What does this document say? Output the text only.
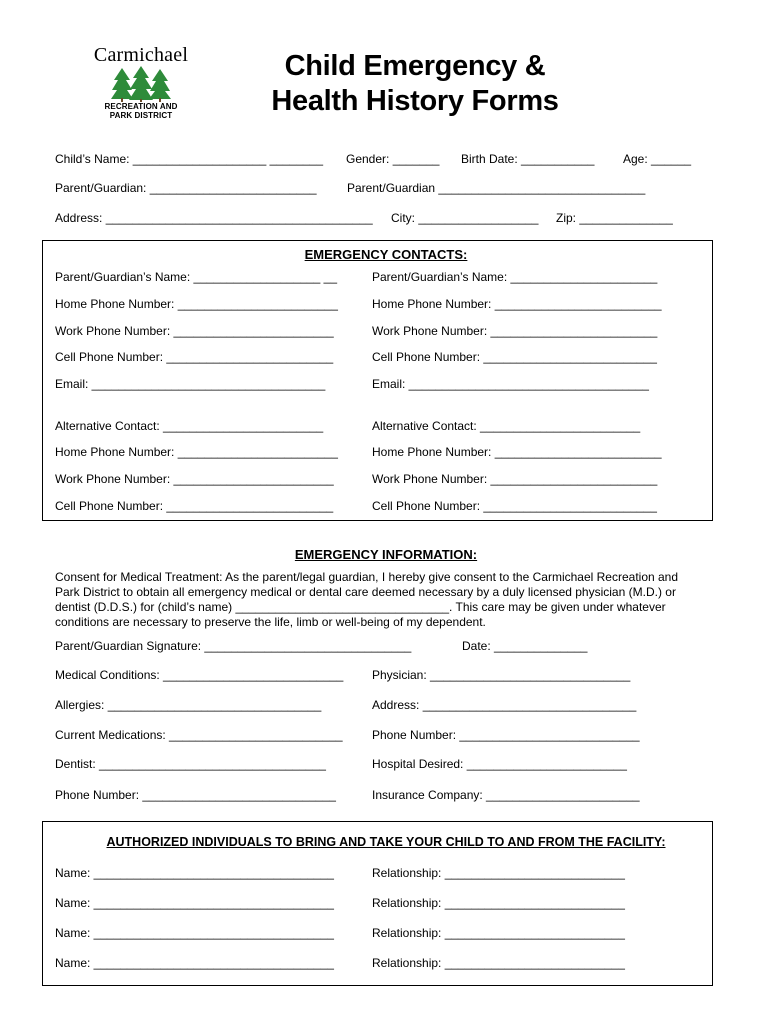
Carmichael
RECREATION AND
PARK DISTRICT
Child Emergency &
Health History Forms
Child’s Name: ____________________ ________ Gender: _______ Birth Date: ___________ Age: ______
Parent/Guardian: _________________________	Parent/Guardian _______________________________
Address: ________________________________________ City: __________________ Zip: ______________
EMERGENCY CONTACTS:
Parent/Guardian’s Name: ___________________ __
Home Phone Number: ________________________
Work Phone Number: ________________________
Cell Phone Number: _________________________
Email: ___________________________________
Alternative Contact: ________________________
Home Phone Number: ________________________
Work Phone Number: ________________________
Cell Phone Number: _________________________
Parent/Guardian’s Name: ______________________
Home Phone Number: _________________________
Work Phone Number: _________________________
Cell Phone Number: __________________________
Email: ____________________________________
Alternative Contact: ________________________
Home Phone Number: _________________________
Work Phone Number: _________________________
Cell Phone Number: __________________________
EMERGENCY INFORMATION:
Consent for Medical Treatment: As the parent/legal guardian, I hereby give consent to the Carmichael Recreation and
Park District to obtain all emergency medical or dental care deemed necessary by a duly licensed physician (M.D.) or
dentist (D.D.S.) for (child’s name) ________________________________. This care may be given under whatever
conditions are necessary to preserve the life, limb or well-being of my dependent.
Parent/Guardian Signature: _______________________________	Date: ______________
Medical Conditions: ___________________________
Allergies: ________________________________
Current Medications: __________________________
Dentist: __________________________________
Phone Number: _____________________________
Physician: ______________________________
Address: ________________________________
Phone Number: ___________________________
Hospital Desired: ________________________
Insurance Company: _______________________
AUTHORIZED INDIVIDUALS TO BRING AND TAKE YOUR CHILD TO AND FROM THE FACILITY:
Name: ____________________________________
Name: ____________________________________
Name: ____________________________________
Name: ____________________________________
Relationship: ___________________________
Relationship: ___________________________
Relationship: ___________________________
Relationship: ___________________________
